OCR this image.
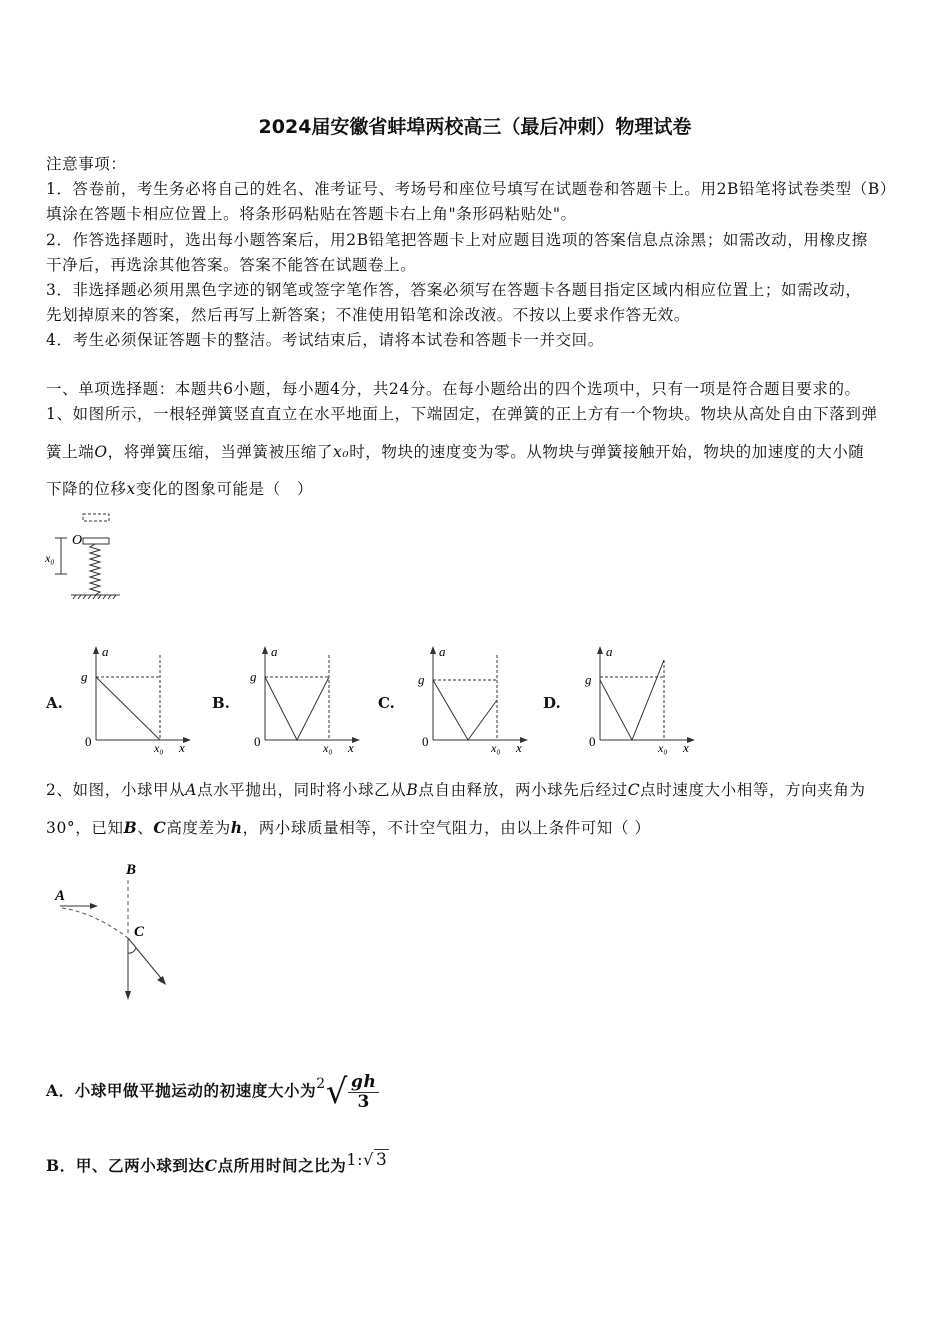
2024届安徽省蚌埠两校高三（最后冲刺）物理试卷
注意事项：
1．答卷前，考生务必将自己的姓名、准考证号、考场号和座位号填写在试题卷和答题卡上。用2B铅笔将试卷类型（B）
填涂在答题卡相应位置上。将条形码粘贴在答题卡右上角"条形码粘贴处"。
2．作答选择题时，选出每小题答案后，用2B铅笔把答题卡上对应题目选项的答案信息点涂黑；如需改动，用橡皮擦
干净后，再选涂其他答案。答案不能答在试题卷上。
3．非选择题必须用黑色字迹的钢笔或签字笔作答，答案必须写在答题卡各题目指定区域内相应位置上；如需改动，
先划掉原来的答案，然后再写上新答案；不准使用铅笔和涂改液。不按以上要求作答无效。
4．考生必须保证答题卡的整洁。考试结束后，请将本试卷和答题卡一并交回。
一、单项选择题：本题共6小题，每小题4分，共24分。在每小题给出的四个选项中，只有一项是符合题目要求的。
1、如图所示，一根轻弹簧竖直直立在水平地面上，下端固定，在弹簧的正上方有一个物块。物块从高处自由下落到弹
簧上端O，将弹簧压缩，当弹簧被压缩了x₀时，物块的速度变为零。从物块与弹簧接触开始，物块的加速度的大小随
下降的位移x变化的图象可能是（　）
O
x₀
A.	B.	C.	D.
a
g
0	x₀ x
a
g
0	x₀ x
a
g
0	x₀ x
a
g
0	x₀ x
2、如图，小球甲从A点水平抛出，同时将小球乙从B点自由释放，两小球先后经过C点时速度大小相等，方向夹角为
30°，已知B、C高度差为h，两小球质量相等，不计空气阻力，由以上条件可知（ ）
B
A
C
A．小球甲做平抛运动的初速度大小为$2√ \frac{gh}{3}$
B．甲、乙两小球到达C点所用时间之比为1:√ 3
